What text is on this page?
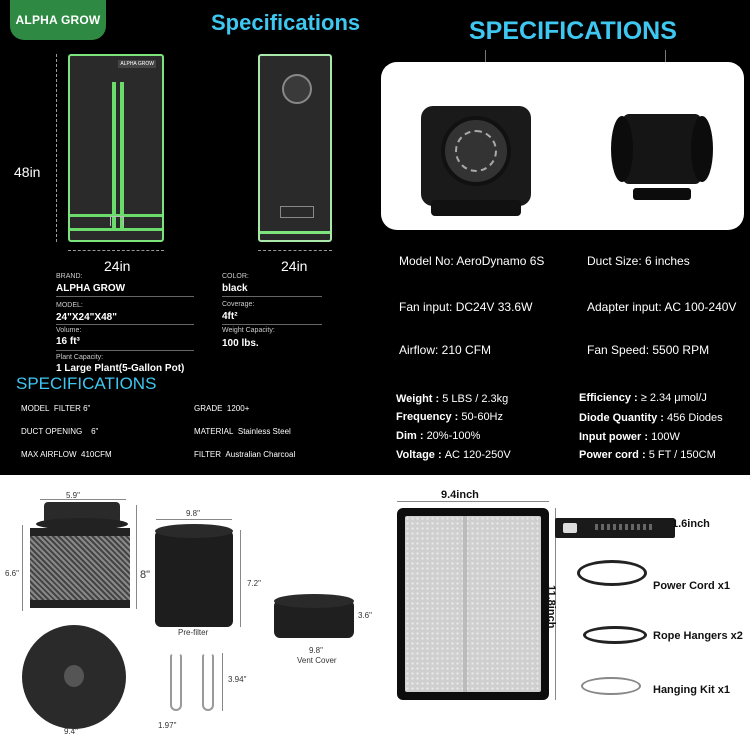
ALPHA GROW	Specifications
ALPHA GROW
48in
24in	24in
BRAND:
ALPHA GROW
COLOR:
black
MODEL:
24"X24"X48"
Coverage:
4ft²
Volume:
16 ft³
Weight Capacity:
100 lbs.
Plant Capacity:
1 Large Plant(5-Gallon Pot)
SPECIFICATIONS
Model No: AeroDynamo 6S	Duct Size: 6 inches
Fan input: DC24V 33.6W	Adapter input: AC 100-240V
Airflow: 210 CFM	Fan Speed: 5500 RPM
SPECIFICATIONS
MODEL FILTER 6"	GRADE 1200+
DUCT OPENING 6"	MATERIAL Stainless Steel
MAX AIRFLOW 410CFM	FILTER Australian Charcoal
Weight : 5 LBS / 2.3kg
Frequency : 50-60Hz
Dim : 20%-100%
Voltage : AC 120-250V
Efficiency : ≥ 2.34 μmol/J
Diode Quantity : 456 Diodes
Input power : 100W
Power cord : 5 FT / 150CM
5.9"
6.6"	8"
9.4"
9.8"
7.2"
Pre-filter
3.6"
9.8"
Vent Cover
3.94"
1.97"
9.4inch
11.8inch
1.6inch
Power Cord x1
Rope Hangers x2
Hanging Kit x1
